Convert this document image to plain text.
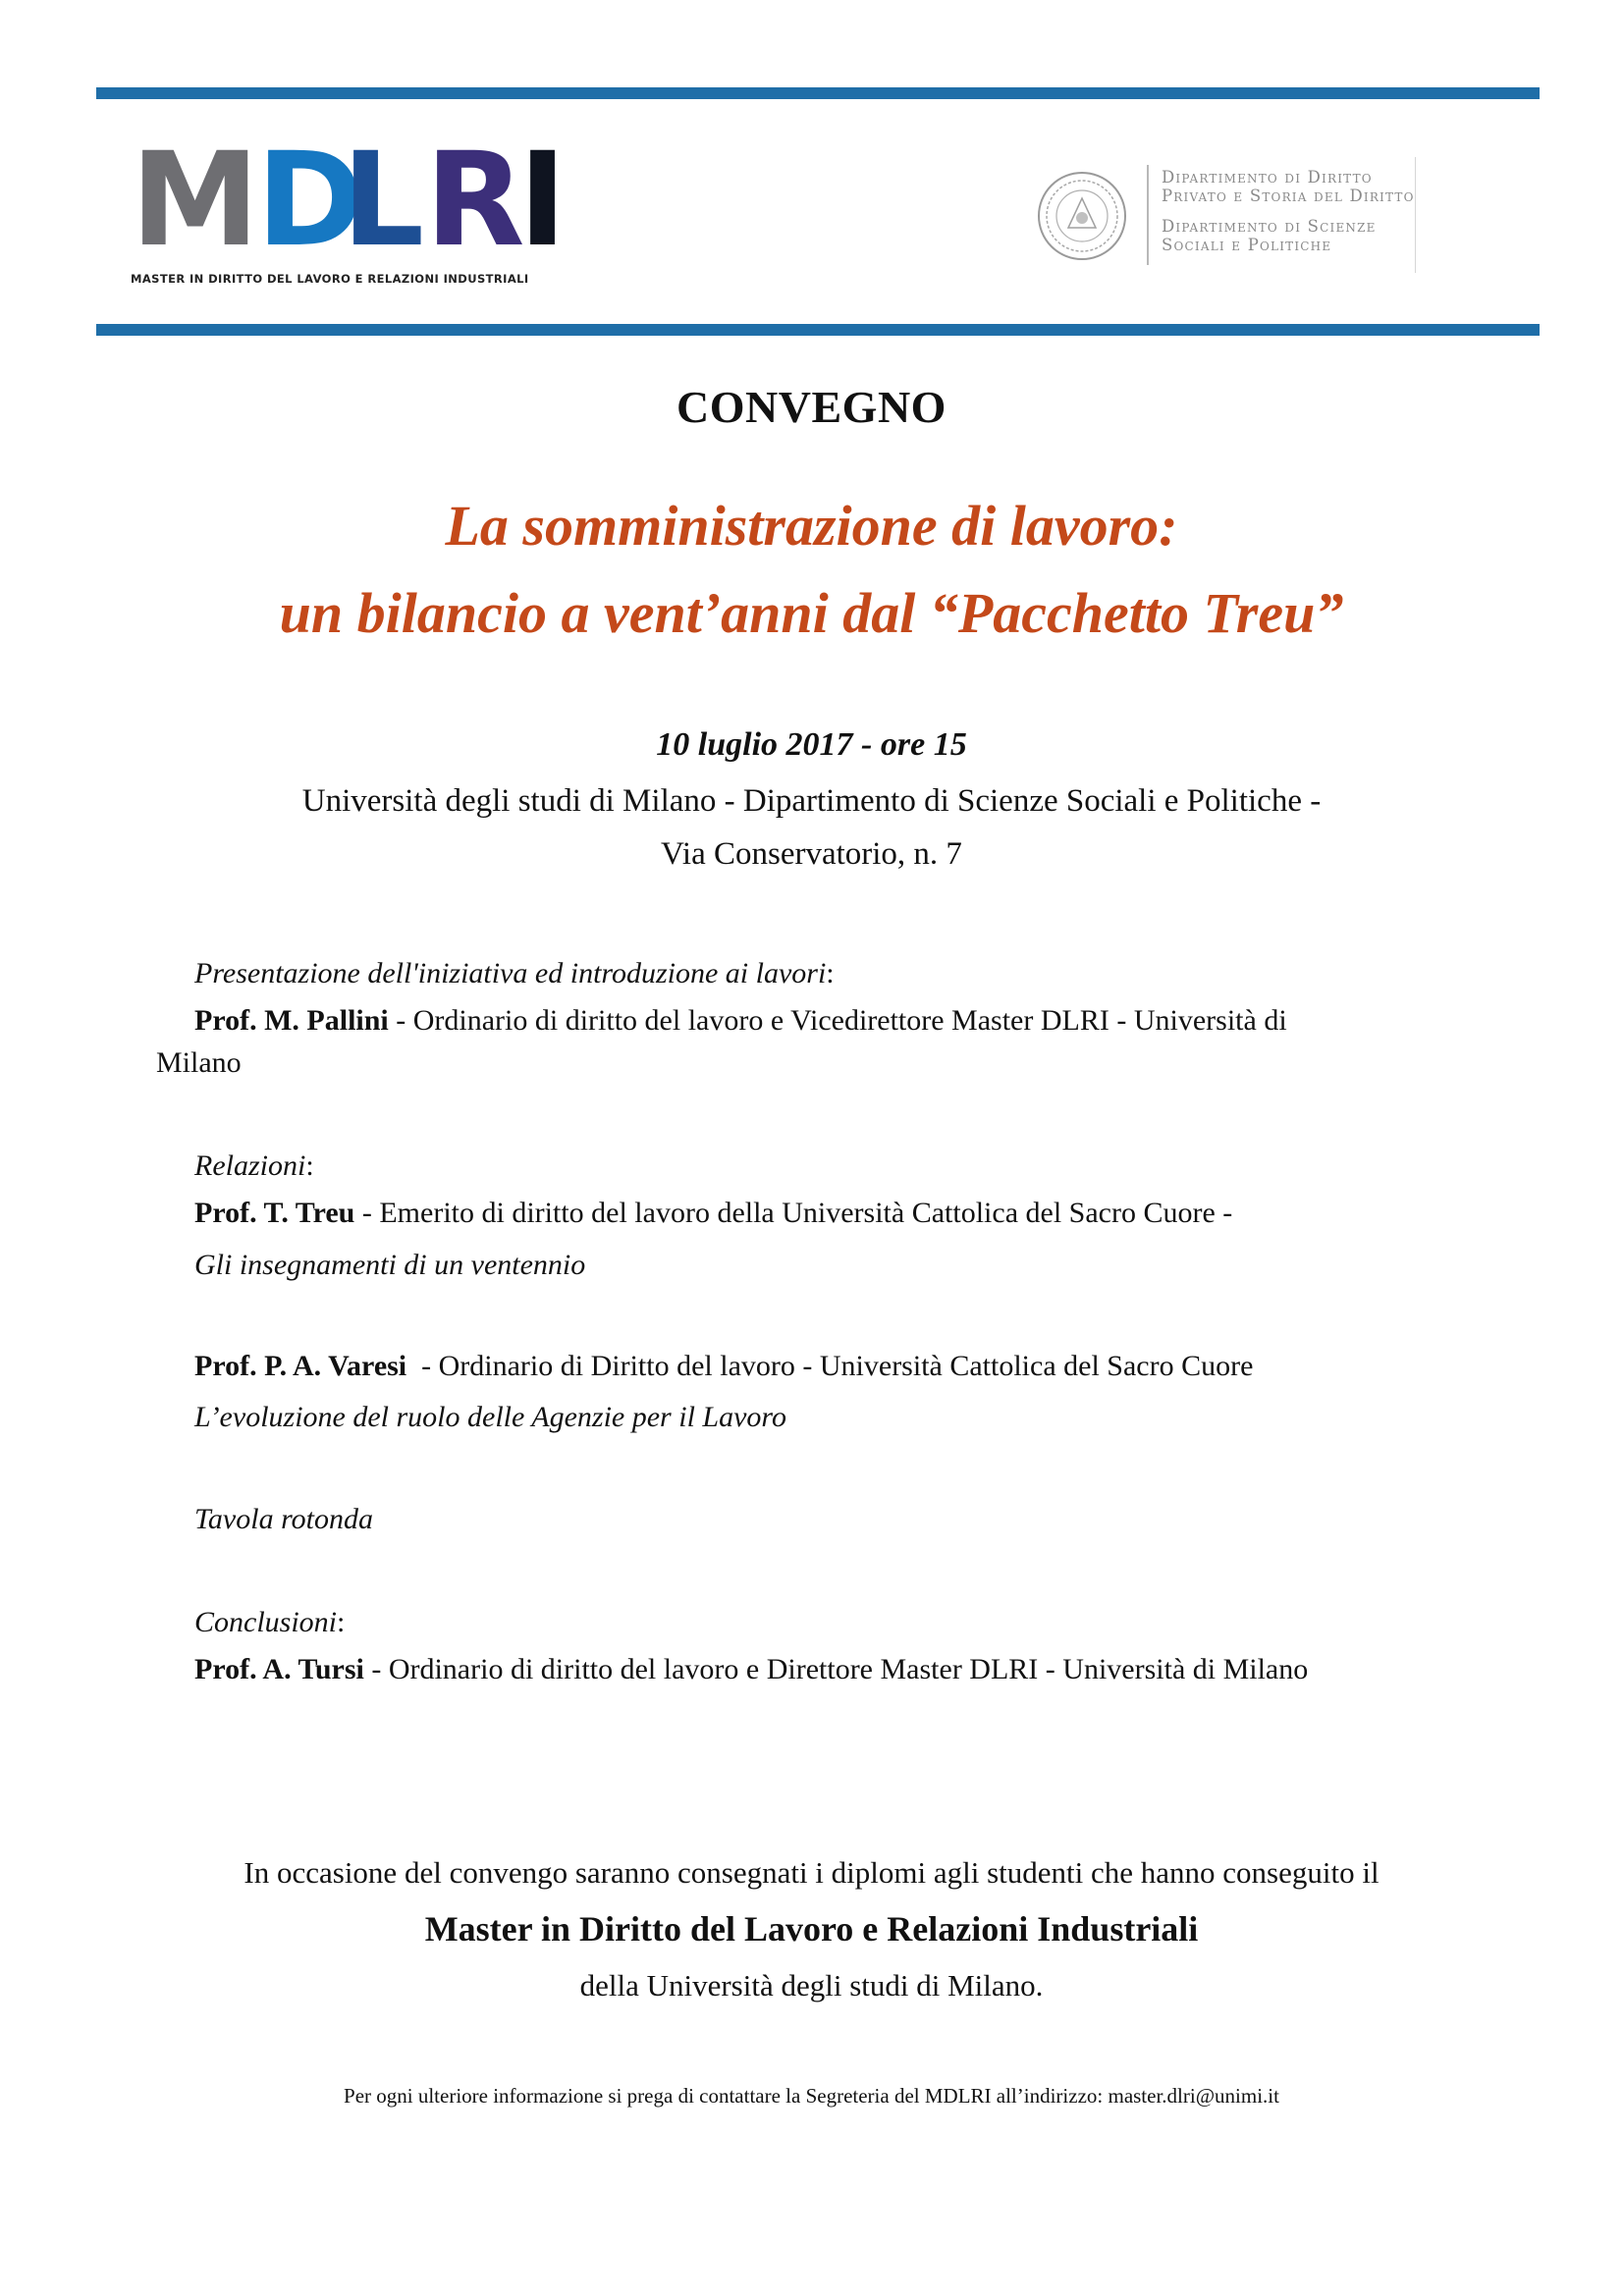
M D
L R
I
MASTER IN DIRITTO DEL LAVORO E RELAZIONI INDUSTRIALI
Dipartimento di Diritto
Privato e Storia del Diritto
Dipartimento di Scienze
Sociali e Politiche
CONVEGNO
La somministrazione di lavoro:
un bilancio a vent’anni dal “Pacchetto Treu”
10 luglio 2017 - ore 15
Università degli studi di Milano - Dipartimento di Scienze Sociali e Politiche -
Via Conservatorio, n. 7
Presentazione dell'iniziativa ed introduzione ai lavori:
Prof. M. Pallini - Ordinario di diritto del lavoro e Vicedirettore Master DLRI - Università di
Milano
Relazioni:
Prof. T. Treu - Emerito di diritto del lavoro della Università Cattolica del Sacro Cuore -
Gli insegnamenti di un ventennio
Prof. P. A. Varesi  - Ordinario di Diritto del lavoro - Università Cattolica del Sacro Cuore
L’evoluzione del ruolo delle Agenzie per il Lavoro
Tavola rotonda
Conclusioni:
Prof. A. Tursi - Ordinario di diritto del lavoro e Direttore Master DLRI - Università di Milano
In occasione del convengo saranno consegnati i diplomi agli studenti che hanno conseguito il
Master in Diritto del Lavoro e Relazioni Industriali
della Università degli studi di Milano.
Per ogni ulteriore informazione si prega di contattare la Segreteria del MDLRI all’indirizzo: master.dlri@unimi.it
